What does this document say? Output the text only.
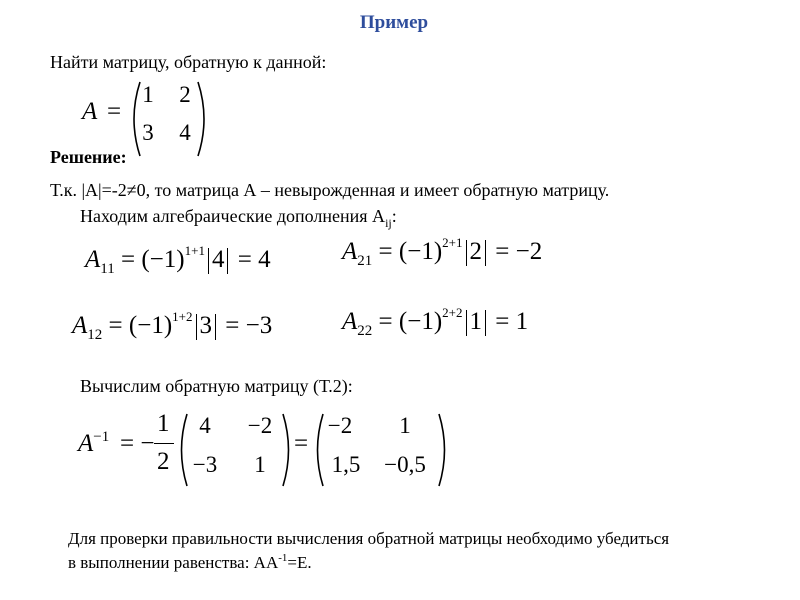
Пример
Найти матрицу, обратную к данной:
A =
1	2
3	4
Решение:
Т.к. |A|=-2≠0, то матрица А – невырожденная и имеет обратную матрицу.
Находим алгебраические дополнения $A_{ij}$:
$A_{11} = (-1)^{1+1}$ 4 = 4	$A_{21} = (-1)^{2+1}$ 2 = −2
$A_{12} = (-1)^{1+2}$ 3 = −3	$A_{22} = (-1)^{2+2}$ 1 = 1
Вычислим обратную матрицу (Т.2):
$A^{-1}$ = −
1
2
4	−2
−3	1
=
−2	1
1,5	−0,5
Для проверки правильности вычисления обратной матрицы необходимо убедиться
в выполнении равенства: $AA^{-1}=E$.
